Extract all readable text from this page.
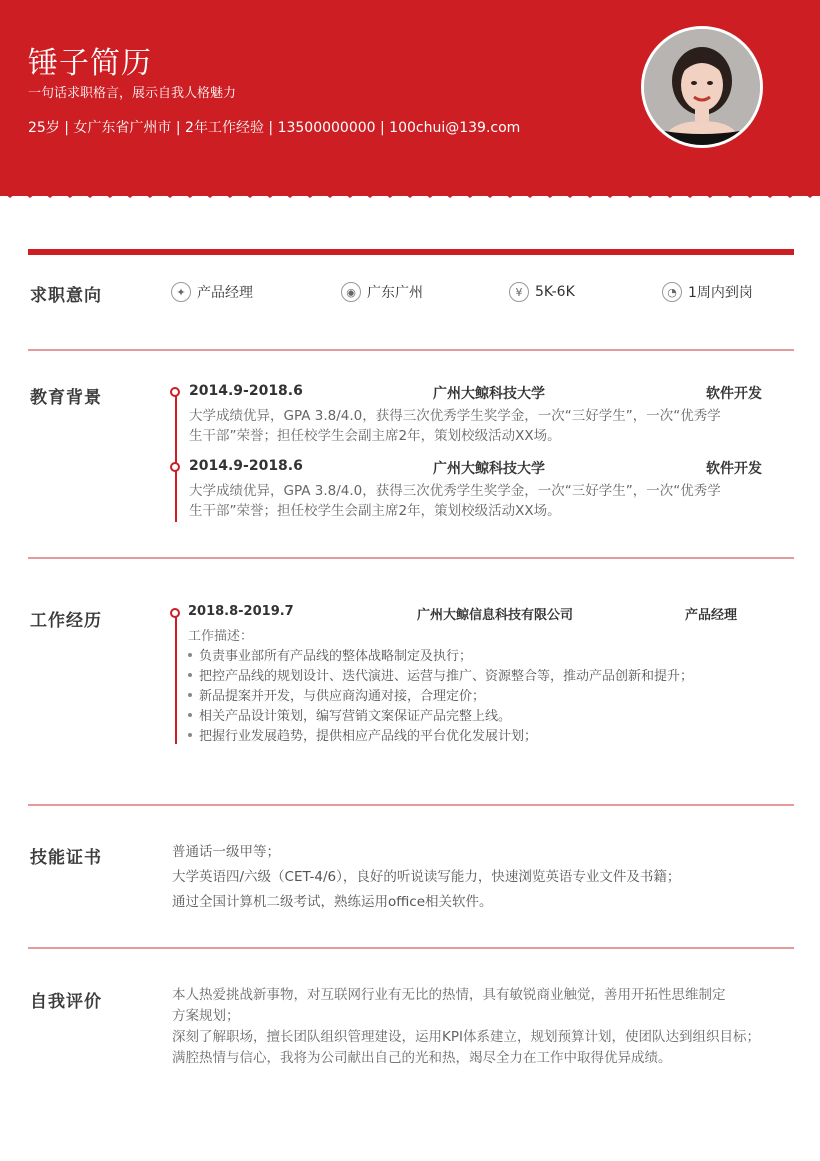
锤子简历
一句话求职格言，展示自我人格魅力
25岁 | 女广东省广州市 | 2年工作经验 | 13500000000 | 100chui@139.com
求职意向	✦ 产品经理	◉ 广东广州	¥ 5K-6K	◔ 1周内到岗
教育背景	2014.9-2018.6	广州大鲸科技大学	软件开发
大学成绩优异，GPA 3.8/4.0，获得三次优秀学生奖学金，一次“三好学生”，一次“优秀学
生干部”荣誉；担任校学生会副主席2年，策划校级活动XX场。
2014.9-2018.6	广州大鲸科技大学	软件开发
大学成绩优异，GPA 3.8/4.0，获得三次优秀学生奖学金，一次“三好学生”，一次“优秀学
生干部”荣誉；担任校学生会副主席2年，策划校级活动XX场。
工作经历	2018.8-2019.7	广州大鲸信息科技有限公司	产品经理
工作描述：
负责事业部所有产品线的整体战略制定及执行；
把控产品线的规划设计、迭代演进、运营与推广、资源整合等，推动产品创新和提升；
新品提案并开发，与供应商沟通对接，合理定价；
相关产品设计策划，编写营销文案保证产品完整上线。
把握行业发展趋势，提供相应产品线的平台优化发展计划；
技能证书	普通话一级甲等；
大学英语四/六级（CET-4/6），良好的听说读写能力，快速浏览英语专业文件及书籍；
通过全国计算机二级考试，熟练运用office相关软件。
自我评价	本人热爱挑战新事物，对互联网行业有无比的热情，具有敏锐商业触觉，善用开拓性思维制定
方案规划；
深刻了解职场，擅长团队组织管理建设，运用KPI体系建立，规划预算计划，使团队达到组织目标；
满腔热情与信心，我将为公司献出自己的光和热，竭尽全力在工作中取得优异成绩。
